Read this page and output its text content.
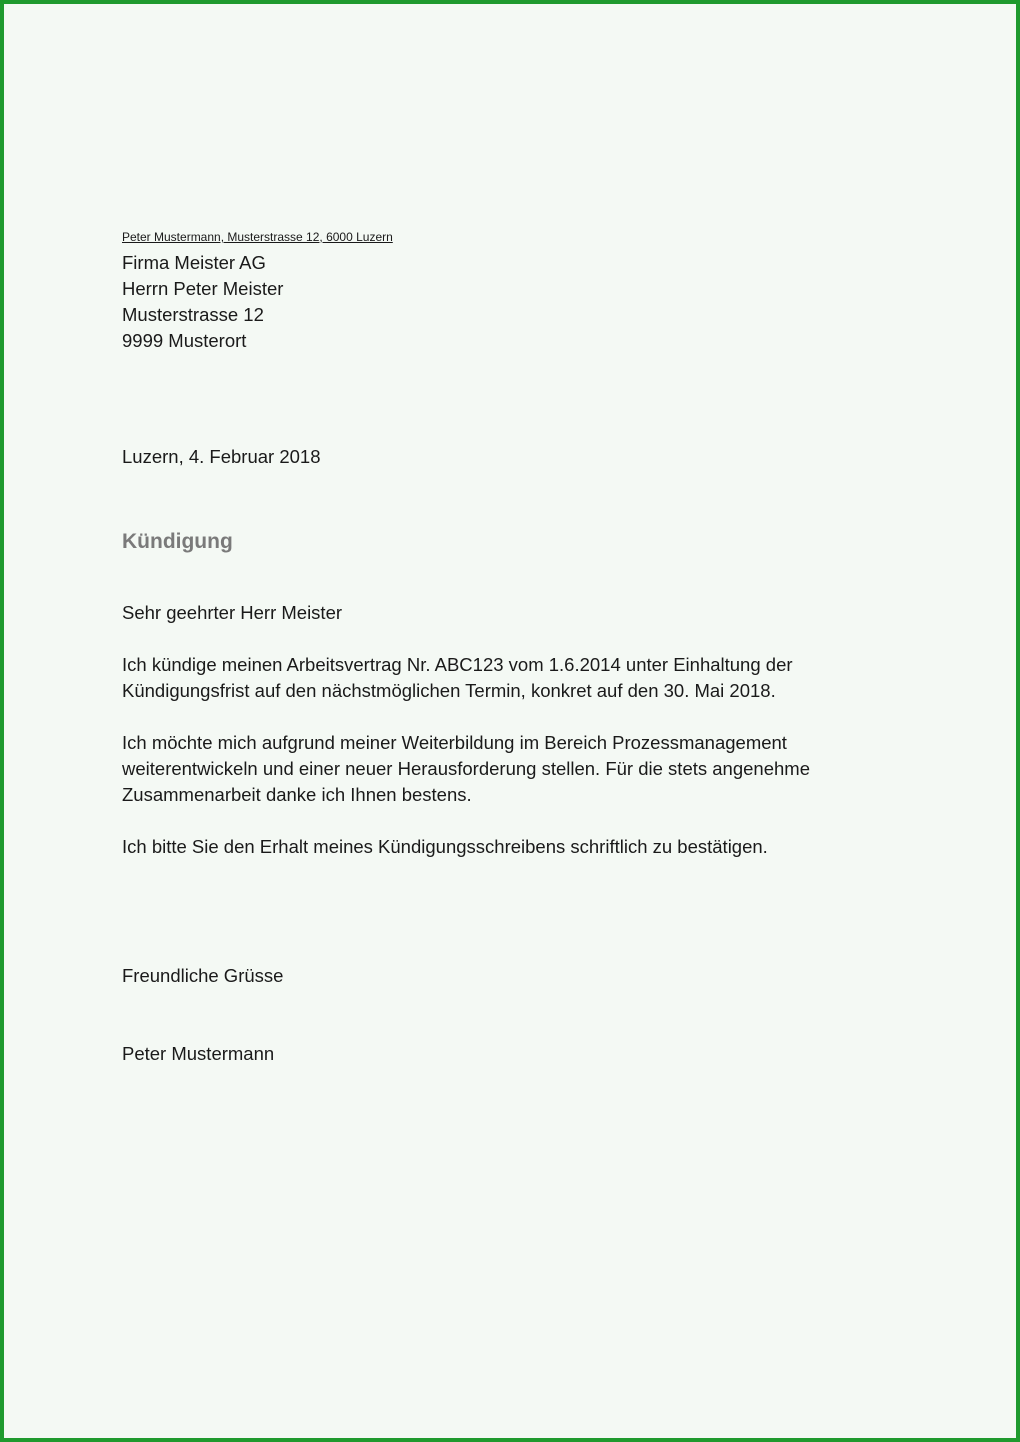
Peter Mustermann, Musterstrasse 12, 6000 Luzern

Firma Meister AG
Herrn Peter Meister
Musterstrasse 12
9999 Musterort

Luzern, 4. Februar 2018

Kündigung

Sehr geehrter Herr Meister

Ich kündige meinen Arbeitsvertrag Nr. ABC123 vom 1.6.2014 unter Einhaltung der
Kündigungsfrist auf den nächstmöglichen Termin, konkret auf den 30. Mai 2018.
Ich möchte mich aufgrund meiner Weiterbildung im Bereich Prozessmanagement
weiterentwickeln und einer neuer Herausforderung stellen. Für die stets angenehme
Zusammenarbeit danke ich Ihnen bestens.
Ich bitte Sie den Erhalt meines Kündigungsschreibens schriftlich zu bestätigen.

Freundliche Grüsse

Peter Mustermann
